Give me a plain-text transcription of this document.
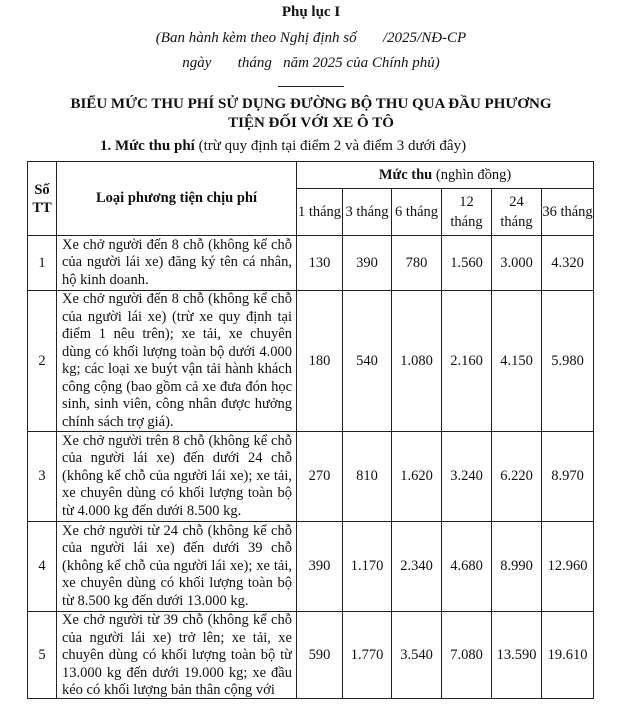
Phụ lục I
(Ban hành kèm theo Nghị định số       /2025/NĐ-CP
ngày       tháng   năm 2025 của Chính phủ)
BIỂU MỨC THU PHÍ SỬ DỤNG ĐƯỜNG BỘ THU QUA ĐẦU PHƯƠNG
TIỆN ĐỐI VỚI XE Ô TÔ
1. Mức thu phí (trừ quy định tại điểm 2 và điểm 3 dưới đây)
Số TT	Loại phương tiện chịu phí	Mức thu (nghìn đồng)					
		1 tháng	3 tháng	6 tháng	12 tháng	24 tháng	36 tháng
1	Xe chở người đến 8 chỗ (không kể chỗ của người lái xe) đăng ký tên cá nhân, hộ kinh doanh.	130	390	780	1.560	3.000	4.320
2	Xe chở người đến 8 chỗ (không kể chỗ của người lái xe) (trừ xe quy định tại điểm 1 nêu trên); xe tải, xe chuyên dùng có khối lượng toàn bộ dưới 4.000 kg; các loại xe buýt vận tải hành khách công cộng (bao gồm cả xe đưa đón học sinh, sinh viên, công nhân được hưởng chính sách trợ giá).	180	540	1.080	2.160	4.150	5.980
3	Xe chở người trên 8 chỗ (không kể chỗ của người lái xe) đến dưới 24 chỗ (không kể chỗ của người lái xe); xe tải, xe chuyên dùng có khối lượng toàn bộ từ 4.000 kg đến dưới 8.500 kg.	270	810	1.620	3.240	6.220	8.970
4	Xe chở người từ 24 chỗ (không kể chỗ của người lái xe) đến dưới 39 chỗ (không kể chỗ của người lái xe); xe tải, xe chuyên dùng có khối lượng toàn bộ từ 8.500 kg đến dưới 13.000 kg.	390	1.170	2.340	4.680	8.990	12.960
5	Xe chở người từ 39 chỗ (không kể chỗ của người lái xe) trở lên; xe tải, xe chuyên dùng có khối lượng toàn bộ từ 13.000 kg đến dưới 19.000 kg; xe đầu kéo có khối lượng bản thân cộng với	590	1.770	3.540	7.080	13.590	19.610
